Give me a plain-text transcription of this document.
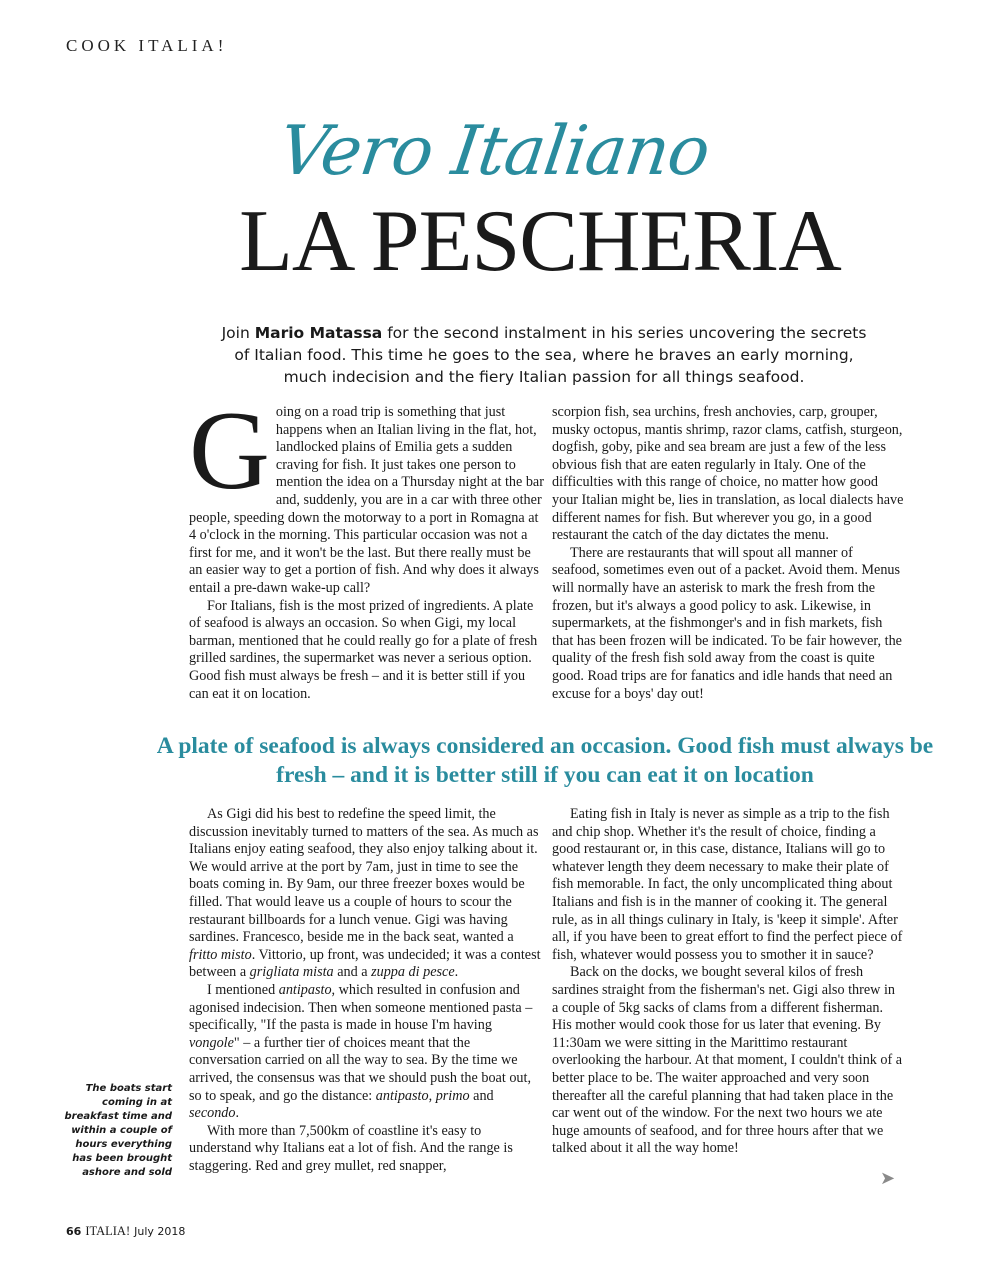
COOK ITALIA!
Vero Italiano
LA PESCHERIA
Join Mario Matassa for the second instalment in his series uncovering the secrets of Italian food. This time he goes to the sea, where he braves an early morning, much indecision and the fiery Italian passion for all things seafood.

Going on a road trip is something that just happens when an Italian living in the flat, hot, landlocked plains of Emilia gets a sudden craving for fish. It just takes one person to mention the idea on a Thursday night at the bar and, suddenly, you are in a car with three other people, speeding down the motorway to a port in Romagna at 4 o'clock in the morning. This particular occasion was not a first for me, and it won't be the last. But there really must be an easier way to get a portion of fish. And why does it always entail a pre-dawn wake-up call?

For Italians, fish is the most prized of ingredients. A plate of seafood is always an occasion. So when Gigi, my local barman, mentioned that he could really go for a plate of fresh grilled sardines, the supermarket was never a serious option. Good fish must always be fresh – and it is better still if you can eat it on location.

scorpion fish, sea urchins, fresh anchovies, carp, grouper, musky octopus, mantis shrimp, razor clams, catfish, sturgeon, dogfish, goby, pike and sea bream are just a few of the less obvious fish that are eaten regularly in Italy. One of the difficulties with this range of choice, no matter how good your Italian might be, lies in translation, as local dialects have different names for fish. But wherever you go, in a good restaurant the catch of the day dictates the menu.

There are restaurants that will spout all manner of seafood, sometimes even out of a packet. Avoid them. Menus will normally have an asterisk to mark the fresh from the frozen, but it's always a good policy to ask. Likewise, in supermarkets, at the fishmonger's and in fish markets, fish that has been frozen will be indicated. To be fair however, the quality of the fresh fish sold away from the coast is quite good. Road trips are for fanatics and idle hands that need an excuse for a boys' day out!

A plate of seafood is always considered an occasion. Good fish must always be fresh – and it is better still if you can eat it on location

As Gigi did his best to redefine the speed limit, the discussion inevitably turned to matters of the sea. As much as Italians enjoy eating seafood, they also enjoy talking about it. We would arrive at the port by 7am, just in time to see the boats coming in. By 9am, our three freezer boxes would be filled. That would leave us a couple of hours to scour the restaurant billboards for a lunch venue. Gigi was having sardines. Francesco, beside me in the back seat, wanted a fritto misto. Vittorio, up front, was undecided; it was a contest between a grigliata mista and a zuppa di pesce.

I mentioned antipasto, which resulted in confusion and agonised indecision. Then when someone mentioned pasta – specifically, "If the pasta is made in house I'm having vongole" – a further tier of choices meant that the conversation carried on all the way to sea. By the time we arrived, the consensus was that we should push the boat out, so to speak, and go the distance: antipasto, primo and secondo.

With more than 7,500km of coastline it's easy to understand why Italians eat a lot of fish. And the range is staggering. Red and grey mullet, red snapper,

Eating fish in Italy is never as simple as a trip to the fish and chip shop. Whether it's the result of choice, finding a good restaurant or, in this case, distance, Italians will go to whatever length they deem necessary to make their plate of fish memorable. In fact, the only uncomplicated thing about Italians and fish is in the manner of cooking it. The general rule, as in all things culinary in Italy, is 'keep it simple'. After all, if you have been to great effort to find the perfect piece of fish, whatever would possess you to smother it in sauce?

Back on the docks, we bought several kilos of fresh sardines straight from the fisherman's net. Gigi also threw in a couple of 5kg sacks of clams from a different fisherman. His mother would cook those for us later that evening. By 11:30am we were sitting in the Marittimo restaurant overlooking the harbour. At that moment, I couldn't think of a better place to be. The waiter approached and very soon thereafter all the careful planning that had taken place in the car went out of the window. For the next two hours we ate huge amounts of seafood, and for three hours after that we talked about it all the way home!

The boats start coming in at breakfast time and within a couple of hours everything has been brought ashore and sold	➤
66 ITALIA! July 2018
